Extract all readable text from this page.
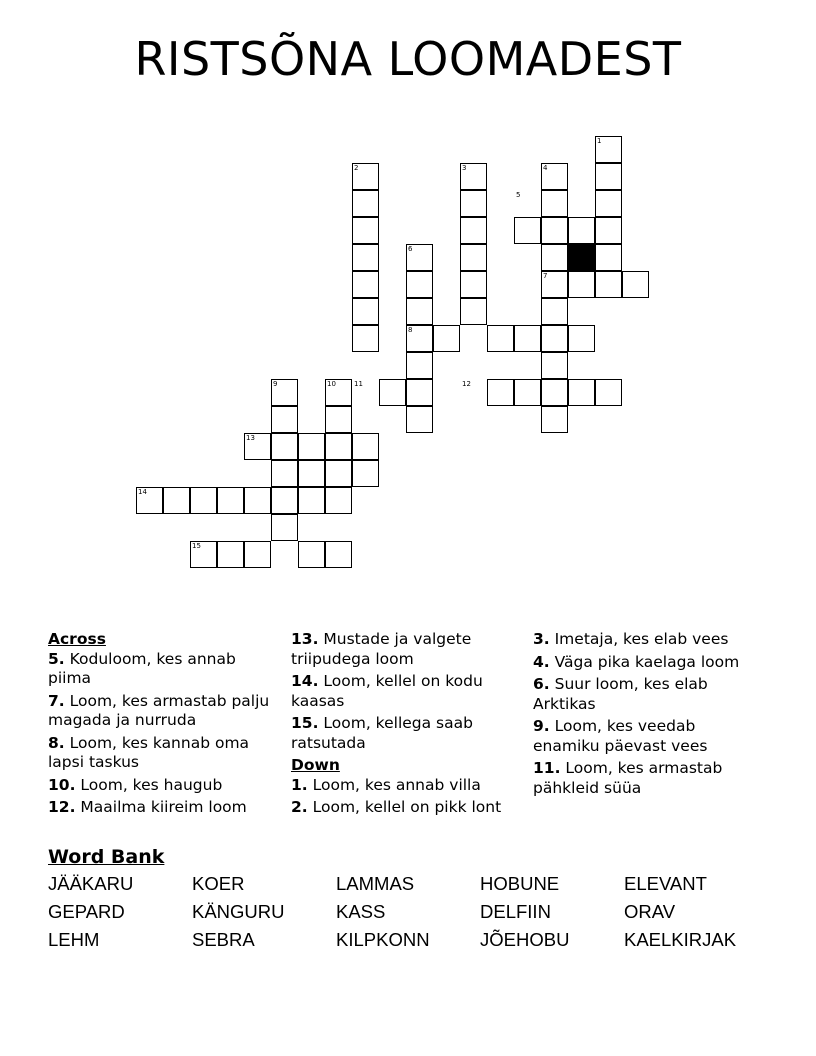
RISTSÕNA LOOMADEST
1
2	3	4
5
6
7
8
9	10	11	12
13
14
15
Across
5. Koduloom, kes annab piima
7. Loom, kes armastab palju magada ja nurruda
8. Loom, kes kannab oma lapsi taskus
10. Loom, kes haugub
12. Maailma kiireim loom
13. Mustade ja valgete triipudega loom
14. Loom, kellel on kodu kaasas
15. Loom, kellega saab ratsutada
Down
1. Loom, kes annab villa
2. Loom, kellel on pikk lont
3. Imetaja, kes elab vees
4. Väga pika kaelaga loom
6. Suur loom, kes elab Arktikas
9. Loom, kes veedab enamiku päevast vees
11. Loom, kes armastab pähkleid süüa
Word Bank
JÄÄKARU	KOER	LAMMAS	HOBUNE	ELEVANT
GEPARD	KÄNGURU	KASS	DELFIIN	ORAV
LEHM	SEBRA	KILPKONN	JÕEHOBU	KAELKIRJAK
